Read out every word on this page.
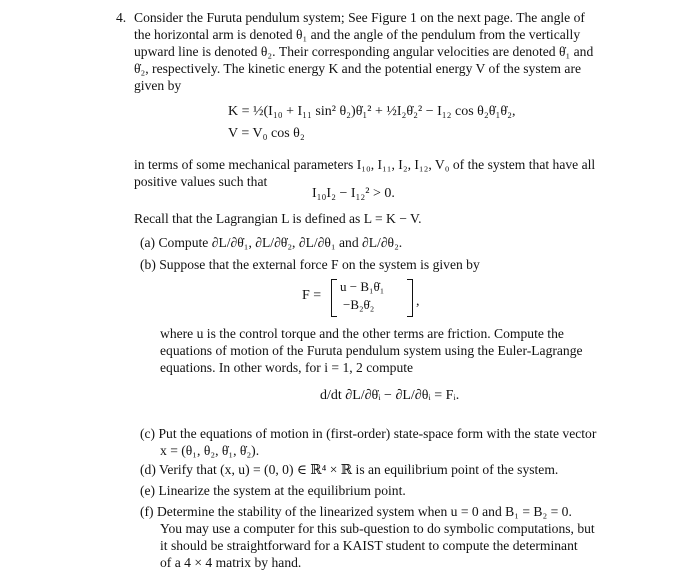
4. Consider the Furuta pendulum system; See Figure 1 on the next page. The angle of
the horizontal arm is denoted θ₁ and the angle of the pendulum from the vertically
upward line is denoted θ₂. Their corresponding angular velocities are denoted θ̇₁ and
θ̇₂, respectively. The kinetic energy K and the potential energy V of the system are
given by
K = ½(I₁₀ + I₁₁ sin² θ₂)θ̇₁² + ½I₂θ̇₂² − I₁₂ cos θ₂θ̇₁θ̇₂,
V = V₀ cos θ₂
in terms of some mechanical parameters I₁₀, I₁₁, I₂, I₁₂, V₀ of the system that have all
positive values such that
I₁₀I₂ − I₁₂² > 0.
Recall that the Lagrangian L is defined as L = K − V.
(a) Compute ∂L/∂θ̇₁, ∂L/∂θ̇₂, ∂L/∂θ₁ and ∂L/∂θ₂.
(b) Suppose that the external force F on the system is given by
F =
u − B₁θ̇₁
−B₂θ̇₂	,
where u is the control torque and the other terms are friction. Compute the
equations of motion of the Furuta pendulum system using the Euler-Lagrange
equations. In other words, for i = 1, 2 compute
d/dt ∂L/∂θ̇ᵢ − ∂L/∂θᵢ = Fᵢ.
(c) Put the equations of motion in (first-order) state-space form with the state vector
x = (θ₁, θ₂, θ̇₁, θ̇₂).
(d) Verify that (x, u) = (0, 0) ∈ ℝ⁴ × ℝ is an equilibrium point of the system.
(e) Linearize the system at the equilibrium point.
(f) Determine the stability of the linearized system when u = 0 and B₁ = B₂ = 0.
You may use a computer for this sub-question to do symbolic computations, but
it should be straightforward for a KAIST student to compute the determinant
of a 4 × 4 matrix by hand.
